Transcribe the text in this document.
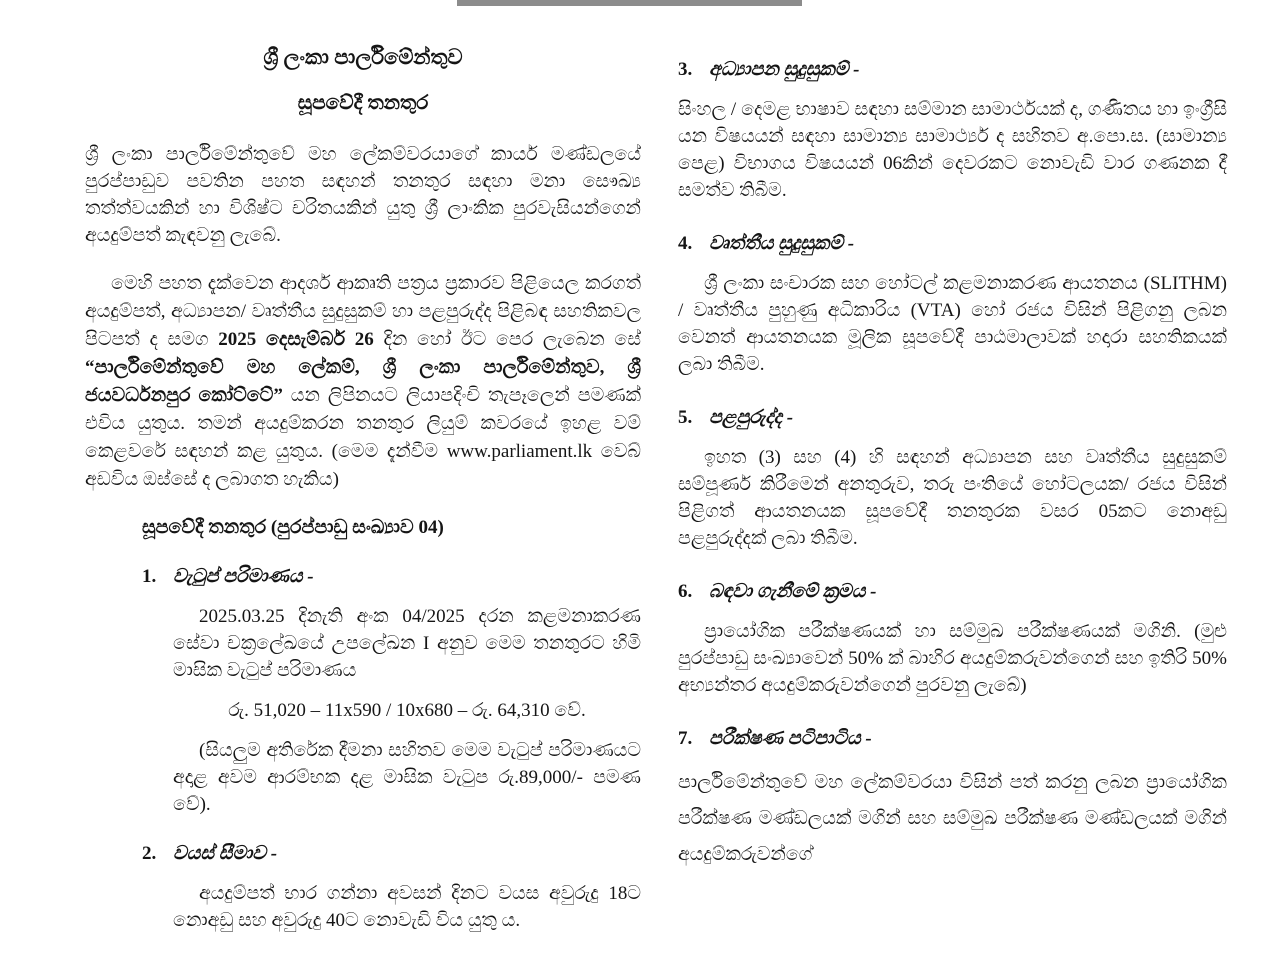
ශ්‍රී ලංකා පාර්ලිමේන්තුව
සූපවේදී තනතුර

ශ්‍රී ලංකා පාර්ලිමේන්තුවේ මහ ලේකම්වරයාගේ කාර්ය මණ්ඩලයේ පුරප්පාඩුව පවතින පහත සඳහන් තනතුර සඳහා මනා සෞඛ්‍ය තත්ත්වයකින් හා විශිෂ්ට චරිතයකින් යුතු ශ්‍රී ලාංකික පුරවැසියන්ගෙන් අයදුම්පත් කැඳවනු ලැබේ.

මෙහි පහත දැක්වෙන ආදර්ශ ආකෘති පත්‍රය ප්‍රකාරව පිළියෙල කරගත් අයදුම්පත්, අධ්‍යාපන/ වෘත්තීය සුදුසුකම් හා පළපුරුද්ද පිළිබඳ සහතිකවල පිටපත් ද සමග 2025 දෙසැම්බර් 26 දින හෝ ඊට පෙර ලැබෙන සේ “පාර්ලිමේන්තුවේ මහ ලේකම්, ශ්‍රී ලංකා පාර්ලිමේන්තුව, ශ්‍රී ජයවර්ධනපුර කෝට්ටේ” යන ලිපිනයට ලියාපදිංචි තැපෑලෙන් පමණක් එවිය යුතුය. තමන් අයදුම්කරන තනතුර ලියුම් කවරයේ ඉහළ වම් කෙළවරේ සඳහන් කළ යුතුය. (මෙම දැන්වීම www.parliament.lk වෙබ් අඩවිය ඔස්සේ ද ලබාගත හැකිය)

සූපවේදී තනතුර (පුරප්පාඩු සංඛ්‍යාව 04)
1. වැටුප් පරිමාණය -

2025.03.25 දිනැති අංක 04/2025 දරන කළමනාකරණ සේවා චක්‍රලේඛයේ උපලේඛන I අනුව මෙම තනතුරට හිමි මාසික වැටුප් පරිමාණය

රු. 51,020 – 11x590 / 10x680 – රු. 64,310 වේ.

(සියලුම අතිරේක දීමනා සහිතව මෙම වැටුප් පරිමාණයට අදාළ අවම ආරම්භක දළ මාසික වැටුප රු.89,000/- පමණ වේ).

2. වයස් සීමාව -

අයදුම්පත් භාර ගන්නා අවසන් දිනට වයස අවුරුදු 18ට නොඅඩු සහ අවුරුදු 40ට නොවැඩි විය යුතු ය.

3. අධ්‍යාපන සුදුසුකම් -

සිංහල / දෙමළ භාෂාව සඳහා සම්මාන සාමාර්ථයක් ද, ගණිතය හා ඉංග්‍රීසි යන විෂයයන් සඳහා සාමාන්‍ය සාමාර්ථ්‍ය ද සහිතව අ.පො.ස. (සාමාන්‍ය පෙළ) විභාගය විෂයයන් 06කින් දෙවරකට නොවැඩි වාර ගණනක දී සමත්ව තිබීම.

4. වෘත්තීය සුදුසුකම් -

ශ්‍රී ලංකා සංචාරක සහ හෝටල් කළමනාකරණ ආයතනය (SLITHM) / වෘත්තීය පුහුණු අධිකාරිය (VTA) හෝ රජය විසින් පිළිගනු ලබන වෙනත් ආයතනයක මූලික සූපවේදී පාඨමාලාවක් හදාරා සහතිකයක් ලබා තිබීම.

5. පළපුරුද්ද -

ඉහත (3) සහ (4) හි සඳහන් අධ්‍යාපන සහ වෘත්තීය සුදුසුකම් සම්පූර්ණ කිරීමෙන් අනතුරුව, තරු පංතියේ හෝටලයක/ රජය විසින් පිළිගත් ආයතනයක සූපවේදී තනතුරක වසර 05කට නොඅඩු පළපුරුද්දක් ලබා තිබීම.

6. බඳවා ගැනීමේ ක්‍රමය -

ප්‍රායෝගික පරීක්ෂණයක් හා සම්මුඛ පරීක්ෂණයක් මගිනි. (මුළු පුරප්පාඩු සංඛ්‍යාවෙන් 50% ක් බාහිර අයදුම්කරුවන්ගෙන් සහ ඉතිරි 50% අභ්‍යන්තර අයදුම්කරුවන්ගෙන් පුරවනු ලැබේ)

7. පරීක්ෂණ පටිපාටිය -

පාර්ලිමේන්තුවේ මහ ලේකම්වරයා විසින් පත් කරනු ලබන ප්‍රායෝගික පරීක්ෂණ මණ්ඩලයක් මගින් සහ සම්මුඛ පරීක්ෂණ මණ්ඩලයක් මගින් අයදුම්කරුවන්ගේ
